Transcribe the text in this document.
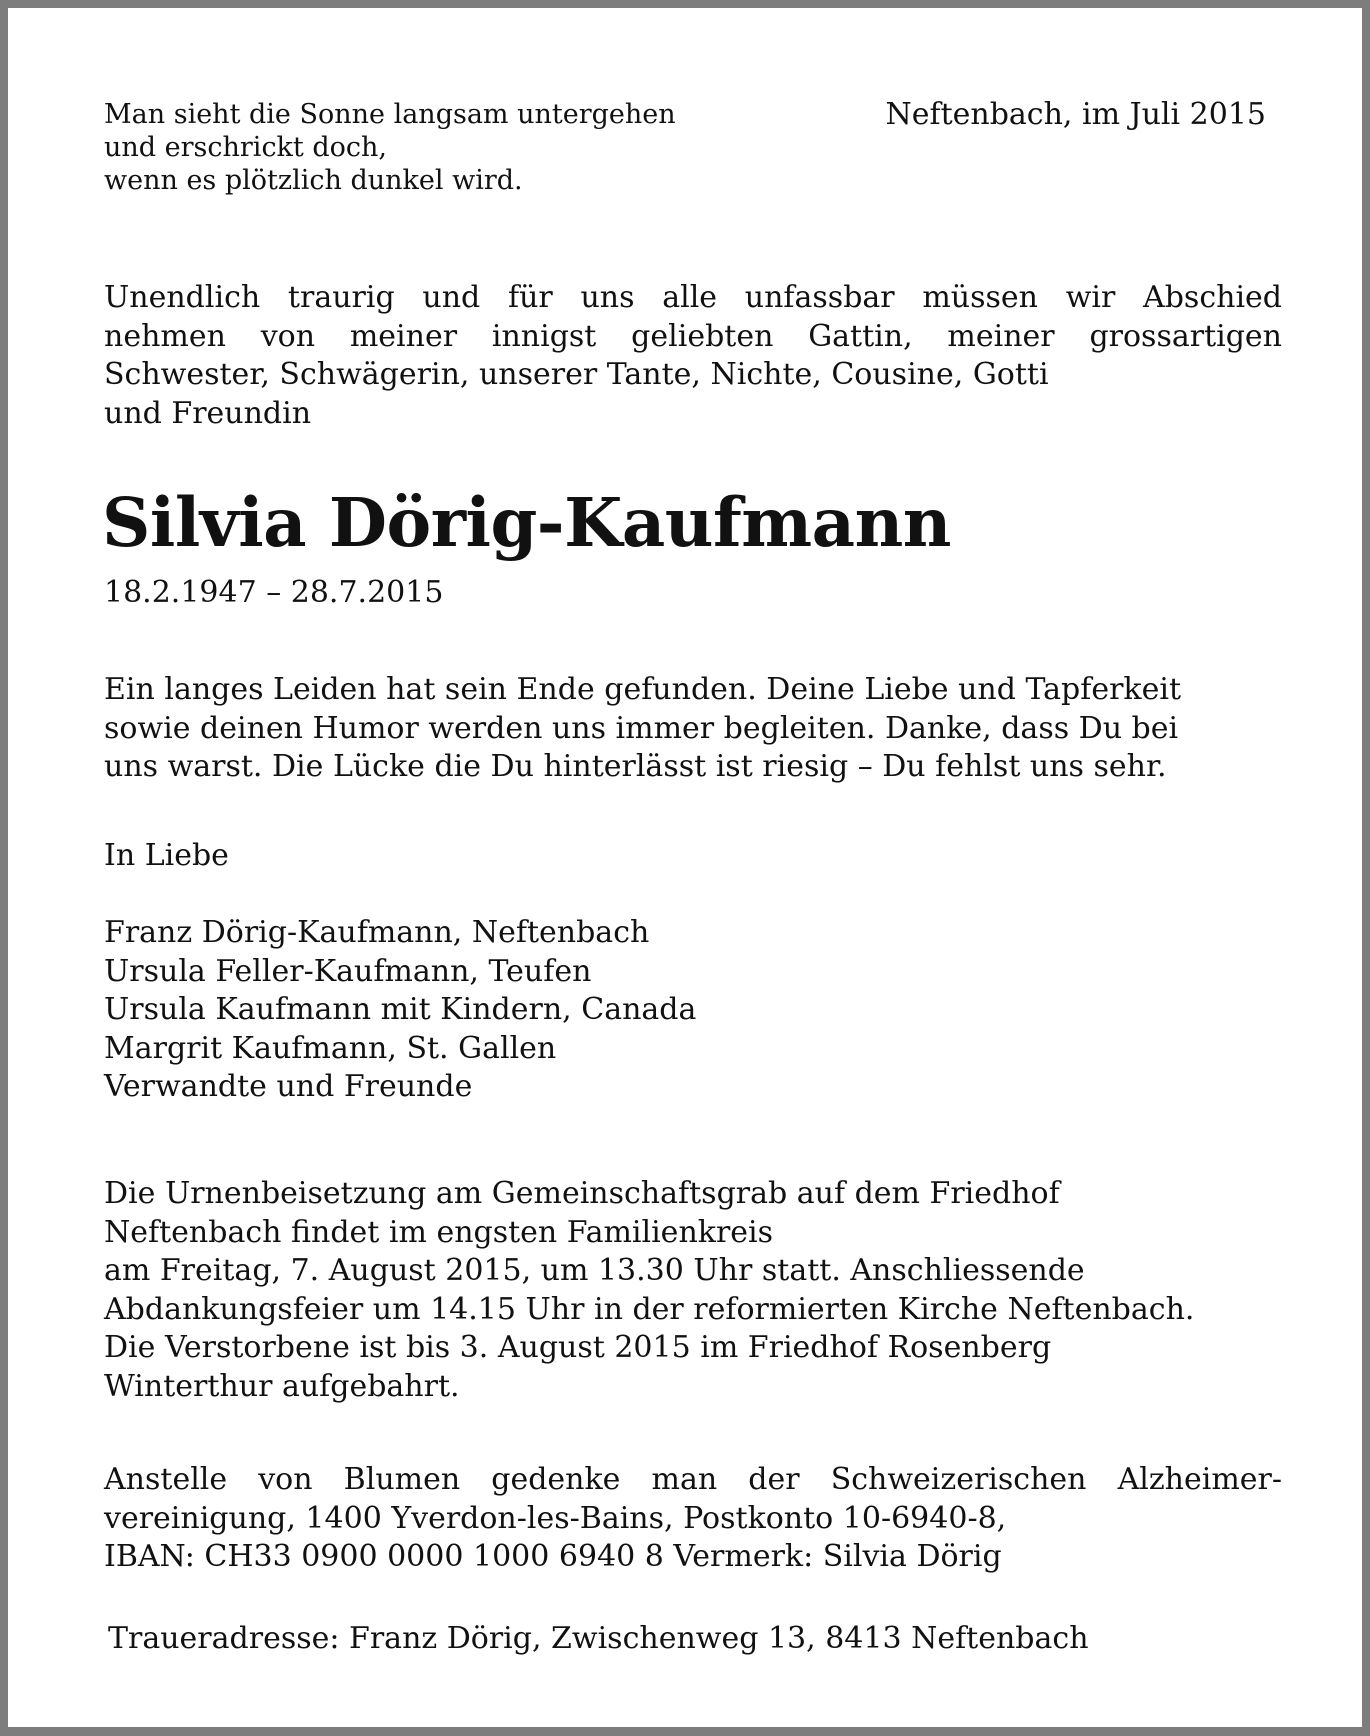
Man sieht die Sonne langsam untergehen
und erschrickt doch,
wenn es plötzlich dunkel wird.
Neftenbach, im Juli 2015
Unendlich traurig und für uns alle unfassbar müssen wir Abschied
nehmen von meiner innigst geliebten Gattin, meiner grossartigen
Schwester, Schwägerin, unserer Tante, Nichte, Cousine, Gotti
und Freundin
Silvia Dörig-Kaufmann
18.2.1947 – 28.7.2015
Ein langes Leiden hat sein Ende gefunden. Deine Liebe und Tapferkeit
sowie deinen Humor werden uns immer begleiten. Danke, dass Du bei
uns warst. Die Lücke die Du hinterlässt ist riesig – Du fehlst uns sehr.
In Liebe
Franz Dörig-Kaufmann, Neftenbach
Ursula Feller-Kaufmann, Teufen
Ursula Kaufmann mit Kindern, Canada
Margrit Kaufmann, St. Gallen
Verwandte und Freunde
Die Urnenbeisetzung am Gemeinschaftsgrab auf dem Friedhof
Neftenbach findet im engsten Familienkreis
am Freitag, 7. August 2015, um 13.30 Uhr statt. Anschliessende
Abdankungsfeier um 14.15 Uhr in der reformierten Kirche Neftenbach.
Die Verstorbene ist bis 3. August 2015 im Friedhof Rosenberg
Winterthur aufgebahrt.
Anstelle von Blumen gedenke man der Schweizerischen Alzheimer-
vereinigung, 1400 Yverdon-les-Bains, Postkonto 10-6940-8,
IBAN: CH33 0900 0000 1000 6940 8 Vermerk: Silvia Dörig
Traueradresse: Franz Dörig, Zwischenweg 13, 8413 Neftenbach
